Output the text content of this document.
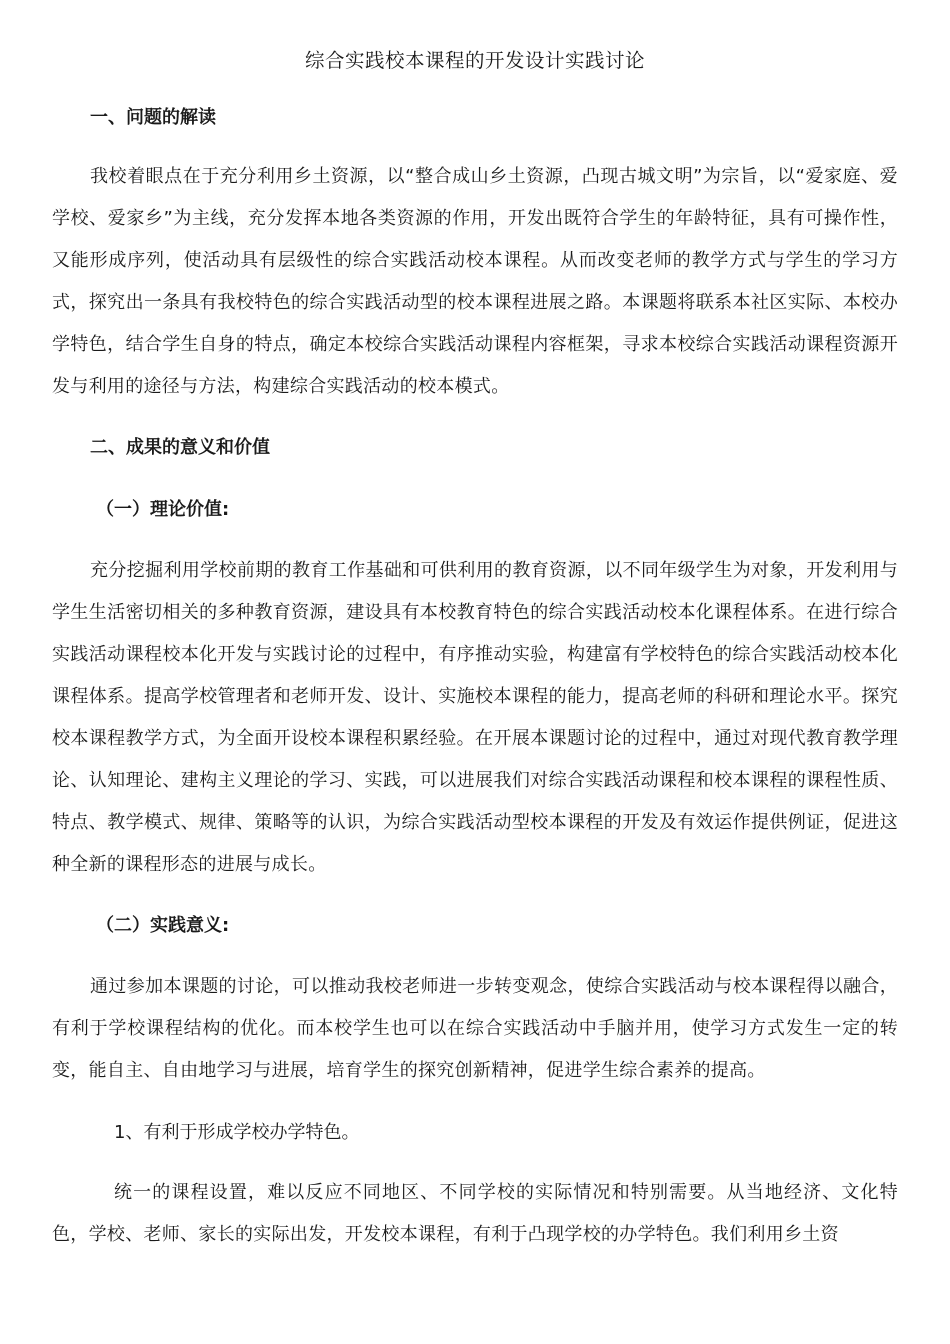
综合实践校本课程的开发设计实践讨论
一、问题的解读

我校着眼点在于充分利用乡土资源，以“整合成山乡土资源，凸现古城文明”为宗旨，以“爱家庭、爱学校、爱家乡”为主线，充分发挥本地各类资源的作用，开发出既符合学生的年龄特征，具有可操作性，又能形成序列，使活动具有层级性的综合实践活动校本课程。从而改变老师的教学方式与学生的学习方式，探究出一条具有我校特色的综合实践活动型的校本课程进展之路。本课题将联系本社区实际、本校办学特色，结合学生自身的特点，确定本校综合实践活动课程内容框架，寻求本校综合实践活动课程资源开发与利用的途径与方法，构建综合实践活动的校本模式。

二、成果的意义和价值
（一）理论价值:

充分挖掘利用学校前期的教育工作基础和可供利用的教育资源，以不同年级学生为对象，开发利用与学生生活密切相关的多种教育资源，建设具有本校教育特色的综合实践活动校本化课程体系。在进行综合实践活动课程校本化开发与实践讨论的过程中，有序推动实验，构建富有学校特色的综合实践活动校本化课程体系。提高学校管理者和老师开发、设计、实施校本课程的能力，提高老师的科研和理论水平。探究校本课程教学方式，为全面开设校本课程积累经验。在开展本课题讨论的过程中，通过对现代教育教学理论、认知理论、建构主义理论的学习、实践，可以进展我们对综合实践活动课程和校本课程的课程性质、特点、教学模式、规律、策略等的认识，为综合实践活动型校本课程的开发及有效运作提供例证，促进这种全新的课程形态的进展与成长。

（二）实践意义:

通过参加本课题的讨论，可以推动我校老师进一步转变观念，使综合实践活动与校本课程得以融合，有利于学校课程结构的优化。而本校学生也可以在综合实践活动中手脑并用，使学习方式发生一定的转变，能自主、自由地学习与进展，培育学生的探究创新精神，促进学生综合素养的提高。

1、有利于形成学校办学特色。

统一的课程设置，难以反应不同地区、不同学校的实际情况和特别需要。从当地经济、文化特色，学校、老师、家长的实际出发，开发校本课程，有利于凸现学校的办学特色。我们利用乡土资
